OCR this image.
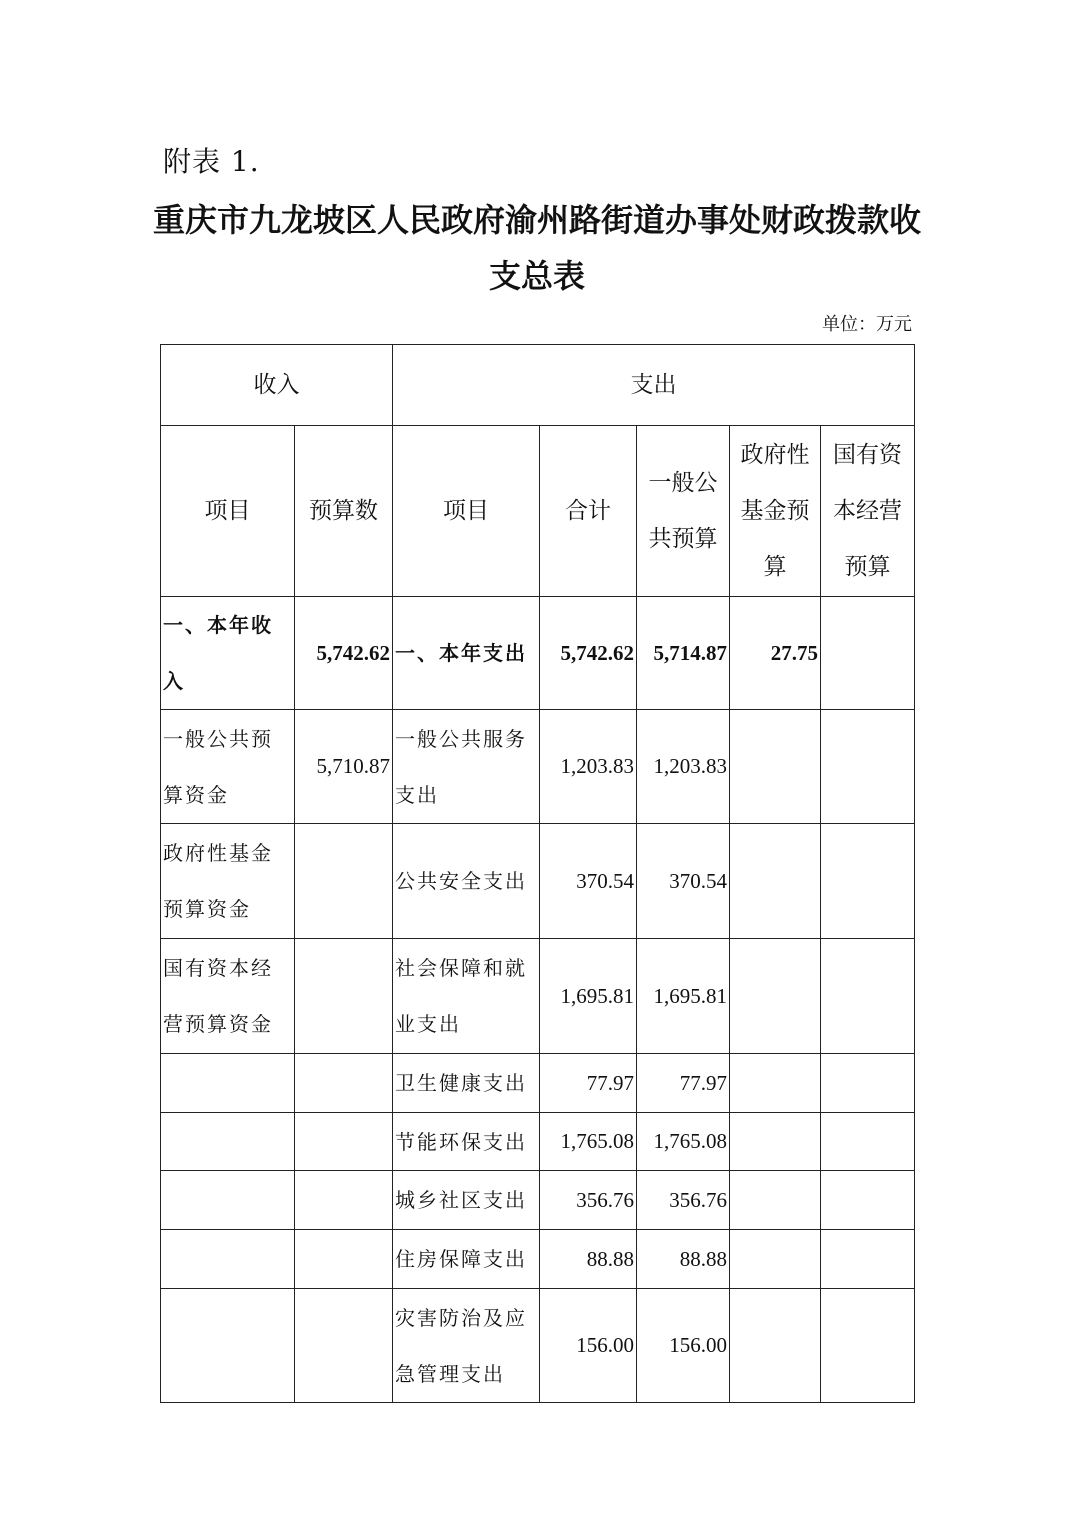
附表 1.
重庆市九龙坡区人民政府渝州路街道办事处财政拨款收支总表
单位：万元
收入		支出				
项目	预算数	项目	合计	一般公共预算	政府性基金预算	国有资本经营预算
一、本年收入	5,742.62	一、本年支出	5,742.62	5,714.87	27.75	
一般公共预算资金	5,710.87	一般公共服务支出	1,203.83	1,203.83		
政府性基金预算资金		公共安全支出	370.54	370.54		
国有资本经营预算资金		社会保障和就业支出	1,695.81	1,695.81		
		卫生健康支出	77.97	77.97		
		节能环保支出	1,765.08	1,765.08		
		城乡社区支出	356.76	356.76		
		住房保障支出	88.88	88.88		
		灾害防治及应急管理支出	156.00	156.00		
